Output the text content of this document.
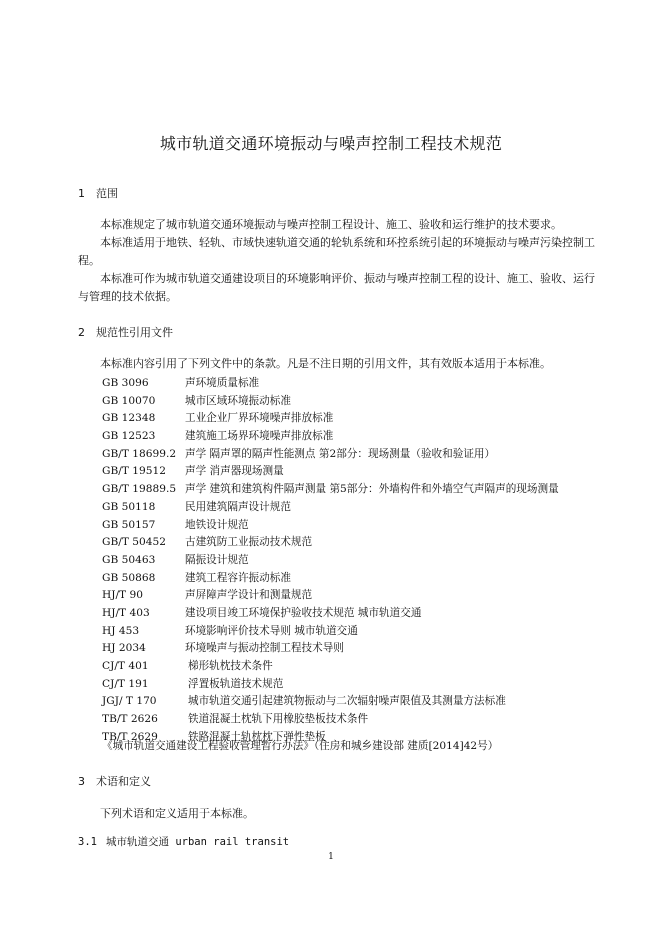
城市轨道交通环境振动与噪声控制工程技术规范
1 范围
本标准规定了城市轨道交通环境振动与噪声控制工程设计、施工、验收和运行维护的技术要求。
本标准适用于地铁、轻轨、市域快速轨道交通的轮轨系统和环控系统引起的环境振动与噪声污染控制工程。
本标准可作为城市轨道交通建设项目的环境影响评价、振动与噪声控制工程的设计、施工、验收、运行与管理的技术依据。
2 规范性引用文件
本标准内容引用了下列文件中的条款。凡是不注日期的引用文件，其有效版本适用于本标准。
GB 3096	声环境质量标准
GB 10070	城市区域环境振动标准
GB 12348	工业企业厂界环境噪声排放标准
GB 12523	建筑施工场界环境噪声排放标准
GB/T 18699.2 声学 隔声罩的隔声性能测点 第2部分：现场测量（验收和验证用）
GB/T 19512 声学 消声器现场测量
GB/T 19889.5 声学 建筑和建筑构件隔声测量 第5部分：外墙构件和外墙空气声隔声的现场测量
GB 50118	民用建筑隔声设计规范
GB 50157	地铁设计规范
GB/T 50452 古建筑防工业振动技术规范
GB 50463	隔振设计规范
GB 50868	建筑工程容许振动标准
HJ/T 90	声屏障声学设计和测量规范
HJ/T 403	建设项目竣工环境保护验收技术规范 城市轨道交通
HJ 453	环境影响评价技术导则 城市轨道交通
HJ 2034	环境噪声与振动控制工程技术导则
CJ/T 401	梯形轨枕技术条件
CJ/T 191	浮置板轨道技术规范
JGJ/ T 170	城市轨道交通引起建筑物振动与二次辐射噪声限值及其测量方法标准
TB/T 2626	铁道混凝土枕轨下用橡胶垫板技术条件
TB/T 2629	铁路混凝土轨枕枕下弹性垫板
《城市轨道交通建设工程验收管理暂行办法》（住房和城乡建设部 建质[2014]42号）
3 术语和定义
下列术语和定义适用于本标准。
3.1 城市轨道交通 urban rail transit
1
